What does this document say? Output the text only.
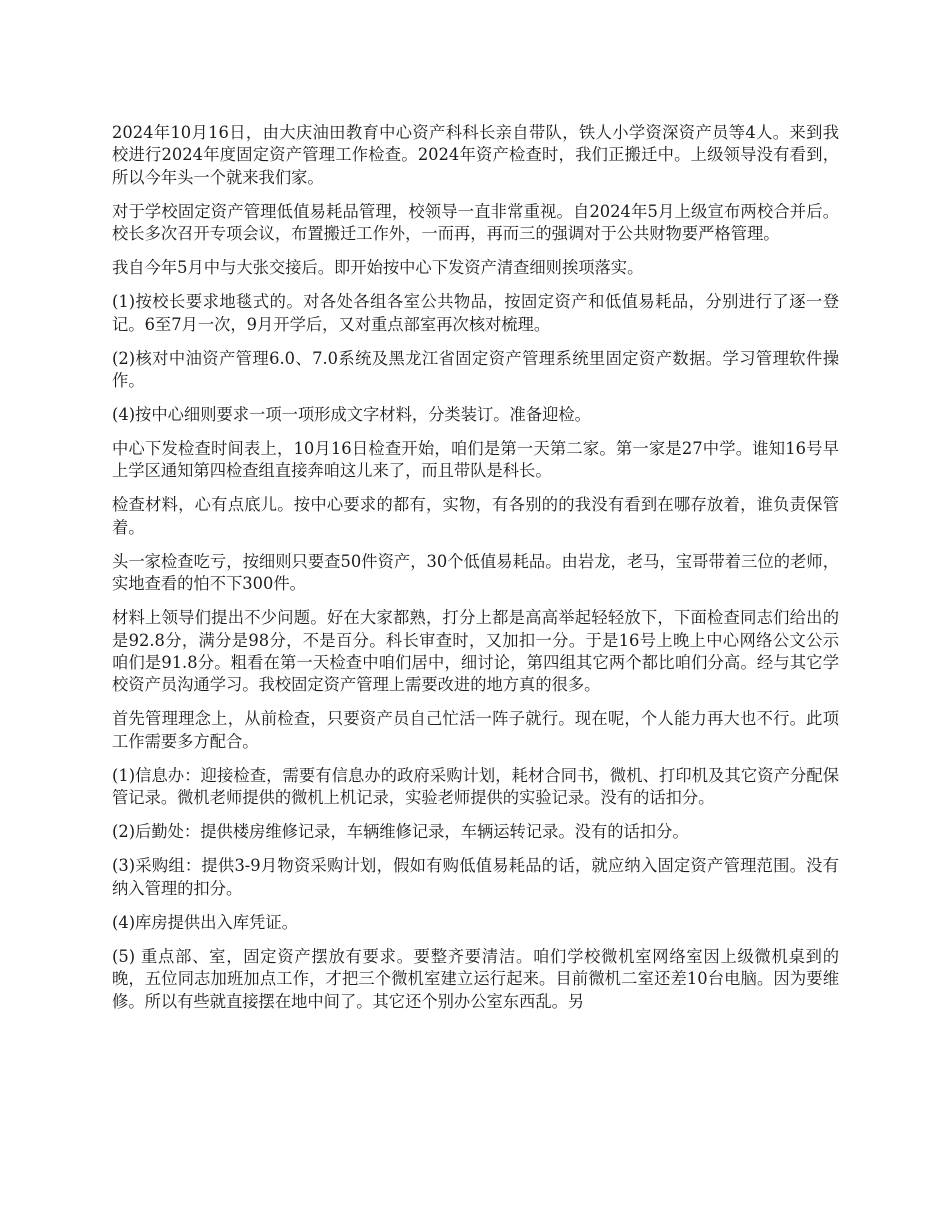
2024年10月16日，由大庆油田教育中心资产科科长亲自带队，铁人小学资深资产员等4人。来到我校进行2024年度固定资产管理工作检查。2024年资产检查时，我们正搬迁中。上级领导没有看到，所以今年头一个就来我们家。

对于学校固定资产管理低值易耗品管理，校领导一直非常重视。自2024年5月上级宣布两校合并后。校长多次召开专项会议，布置搬迁工作外，一而再，再而三的强调对于公共财物要严格管理。

我自今年5月中与大张交接后。即开始按中心下发资产清查细则挨项落实。

(1)按校长要求地毯式的。对各处各组各室公共物品，按固定资产和低值易耗品，分别进行了逐一登记。6至7月一次，9月开学后，又对重点部室再次核对梳理。

(2)核对中油资产管理6.0、7.0系统及黑龙江省固定资产管理系统里固定资产数据。学习管理软件操作。

(4)按中心细则要求一项一项形成文字材料，分类装订。准备迎检。

中心下发检查时间表上，10月16日检查开始，咱们是第一天第二家。第一家是27中学。谁知16号早上学区通知第四检查组直接奔咱这儿来了，而且带队是科长。

检查材料，心有点底儿。按中心要求的都有，实物，有各别的的我没有看到在哪存放着，谁负责保管着。

头一家检查吃亏，按细则只要查50件资产，30个低值易耗品。由岩龙，老马，宝哥带着三位的老师，实地查看的怕不下300件。

材料上领导们提出不少问题。好在大家都熟，打分上都是高高举起轻轻放下，下面检查同志们给出的是92.8分，满分是98分，不是百分。科长审查时，又加扣一分。于是16号上晚上中心网络公文公示咱们是91.8分。粗看在第一天检查中咱们居中，细讨论，第四组其它两个都比咱们分高。经与其它学校资产员沟通学习。我校固定资产管理上需要改进的地方真的很多。

首先管理理念上，从前检查，只要资产员自己忙活一阵子就行。现在呢，个人能力再大也不行。此项工作需要多方配合。

(1)信息办：迎接检查，需要有信息办的政府采购计划，耗材合同书，微机、打印机及其它资产分配保管记录。微机老师提供的微机上机记录，实验老师提供的实验记录。没有的话扣分。

(2)后勤处：提供楼房维修记录，车辆维修记录，车辆运转记录。没有的话扣分。

(3)采购组：提供3-9月物资采购计划，假如有购低值易耗品的话，就应纳入固定资产管理范围。没有纳入管理的扣分。

(4)库房提供出入库凭证。

(5) 重点部、室，固定资产摆放有要求。要整齐要清洁。咱们学校微机室网络室因上级微机桌到的晚，五位同志加班加点工作，才把三个微机室建立运行起来。目前微机二室还差10台电脑。因为要维修。所以有些就直接摆在地中间了。其它还个别办公室东西乱。另
